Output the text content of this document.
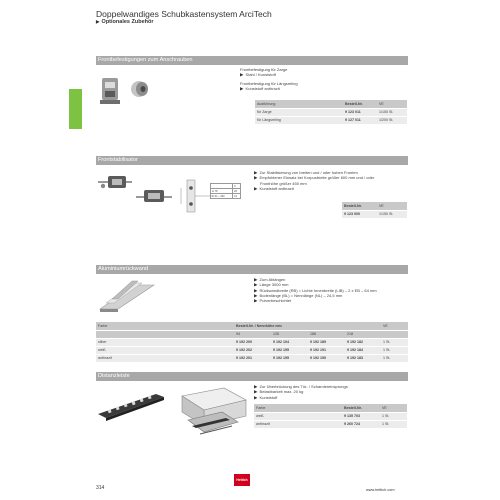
Doppelwandiges Schubkastensystem ArciTech
▶ Optionales Zubehör
Frontbefestigungen zum Anschrauben
Frontbefestigung für Zarge
▶ Stahl / Kunststoff
Frontbefestigung für Längsreling
▶ Kunststoff anthrazit
Ausführung	Bestell-Nr.	VE
für Zarge	9 123 011	1/150 St.
für Längsreling	9 127 011	1/200 St.
Frontstabilisator
	X
H 78	28
H 94 – 282	44
▶ Zur Stabilisierung von breiten und / oder hohen Fronten
▶ Empfohlener Einsatz bei Korpusbreite größer 600 mm und / oder
Fronthöhe größer 450 mm
▶ Kunststoff anthrazit
Bestell-Nr.	VE
9 123 000	1/150 St.
Aluminiumrückwand
▶ Zum Ablängen
▶ Länge 3000 mm
▶ Rückwandbreite (RB) = Lichte Innenbreite (LIB) – 2 x EB – 64 mm
▶ Bodenlänge (BL) = Nennlänge (NL) – 24,5 mm
▶ Pulverbeschichtet
Farbe	Bestell-Nr. / Nennhöhe mm				VE
	94	126	186	218	
silber	9 192 200	9 192 104	9 192 189	9 192 182	1 St.
weiß	9 192 202	9 192 195	9 192 191	9 192 184	1 St.
anthrazit	9 192 201	9 192 195	9 192 190	9 192 183	1 St.
Distanzleiste
▶ Zur Überbrückung des Tür- / Scharniereinsprungs
▶ Belastbarkeit max. 20 kg
▶ Kunststoff
Farbe	Bestell-Nr.	VE
weiß	9 135 703	1 St.
anthrazit	9 260 724	1 St.
314
Hettich
www.hettich.com
